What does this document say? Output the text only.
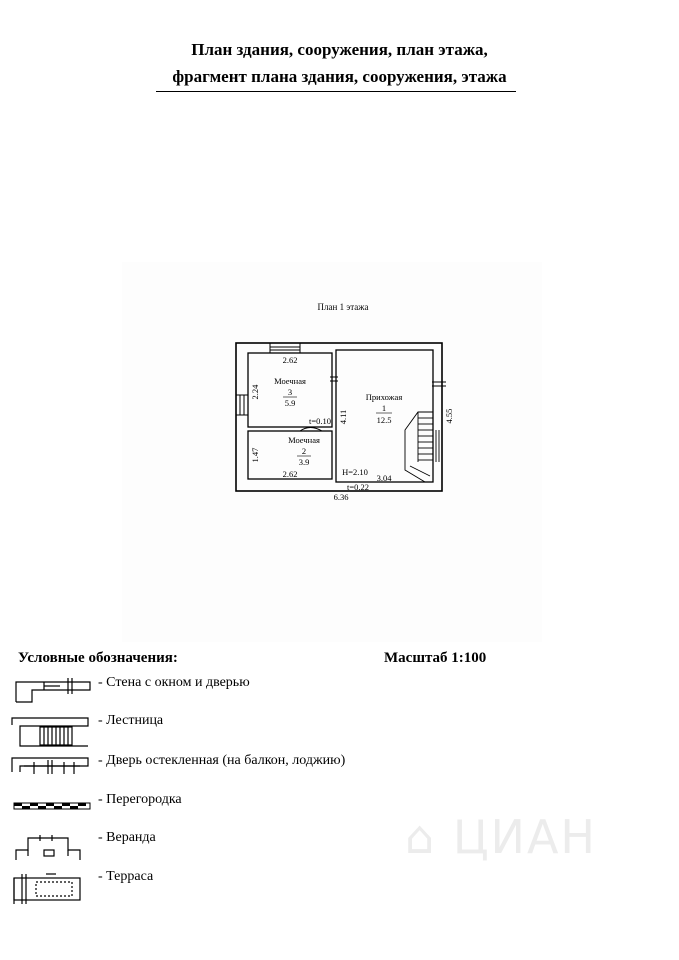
План здания, сооружения, план этажа,
фрагмент плана здания, сооружения, этажа
⌂ ЦИАН
План 1 этажа
Моечная
3
5.9
Моечная
2
3.9
Прихожая
1
12.5
2.62
2.24
t=0.10
1.47
2.62
4.11	4.55
H=2.10
3.04
t=0.22
6.36
Условные обозначения:	Масштаб 1:100
- Стена с окном и дверью
- Лестница
- Дверь остекленная (на балкон, лоджию)
- Перегородка
- Веранда
- Терраса
